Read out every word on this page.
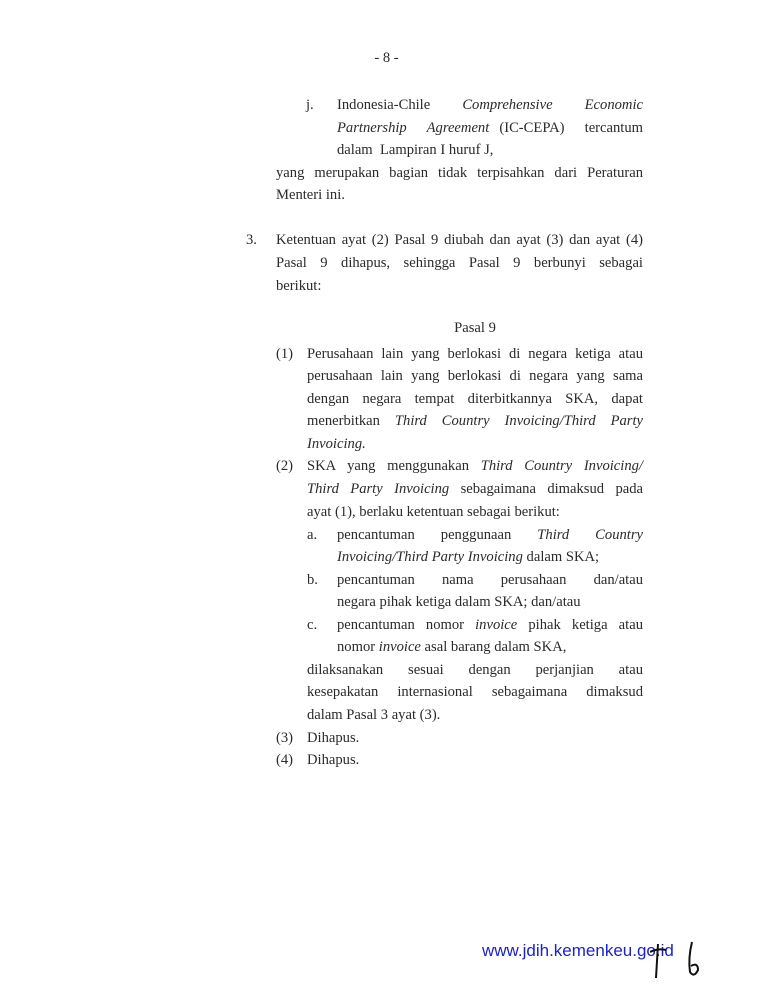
- 8 -
Pasal 9
j. Indonesia-Chile      Comprehensive      Economic
Partnership  Agreement (IC-CEPA)  tercantum
dalam  Lampiran I huruf J,
yang merupakan bagian tidak terpisahkan dari Peraturan
Menteri ini.
3. Ketentuan ayat (2) Pasal 9 diubah dan ayat (3) dan ayat (4)
Pasal 9 dihapus, sehingga Pasal 9 berbunyi sebagai
berikut:
(1) Perusahaan lain yang berlokasi di negara ketiga atau
perusahaan lain yang berlokasi di negara yang sama
dengan negara tempat diterbitkannya SKA, dapat
menerbitkan Third Country Invoicing/Third Party
Invoicing.
(2) SKA yang menggunakan Third Country Invoicing/
Third Party Invoicing sebagaimana dimaksud pada
ayat (1), berlaku ketentuan sebagai berikut:
a. pencantuman penggunaan Third Country
Invoicing/Third Party Invoicing dalam SKA;
b. pencantuman nama perusahaan dan/atau
negara pihak ketiga dalam SKA; dan/atau
c. pencantuman nomor invoice pihak ketiga atau
nomor invoice asal barang dalam SKA,
dilaksanakan sesuai dengan perjanjian atau
kesepakatan internasional sebagaimana dimaksud
dalam Pasal 3 ayat (3).
(3) Dihapus.
(4) Dihapus.
www.jdih.kemenkeu.go.id
